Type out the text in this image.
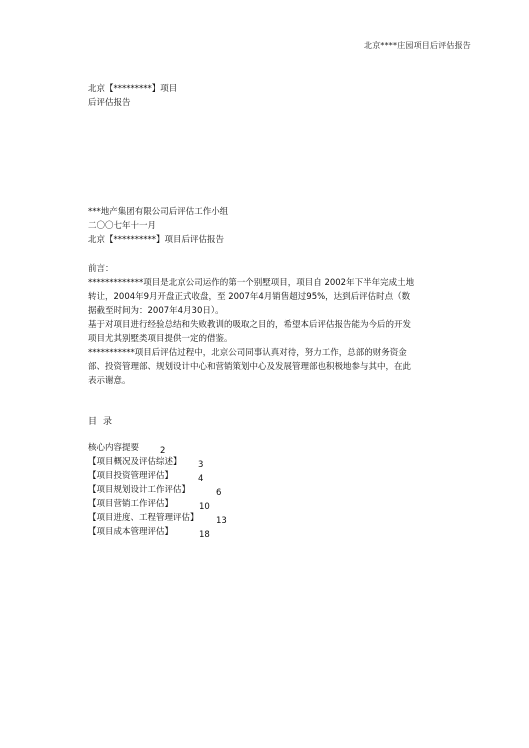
北京****庄园项目后评估报告
北京【*********】项目
后评估报告
***地产集团有限公司后评估工作小组
二〇〇七年十一月
北京【**********】项目后评估报告
前言：

*************项目是北京公司运作的第一个别墅项目，项目自 2002年下半年完成土地
转让，2004年9月开盘正式收盘，至 2007年4月销售超过95%，达到后评估时点（数
据截至时间为：2007年4月30日）。

基于对项目进行经验总结和失败教训的吸取之目的，希望本后评估报告能为今后的开发
项目尤其别墅类项目提供一定的借鉴。

***********项目后评估过程中，北京公司同事认真对待，努力工作，总部的财务资金
部、投资管理部、规划设计中心和营销策划中心及发展管理部也积极地参与其中，在此
表示谢意。

目录
核心内容提要 2
【项目概况及评估综述】 3
【项目投资管理评估】	4
【项目规划设计工作评估】	6
【项目营销工作评估】	10
【项目进度、工程管理评估】 13
【项目成本管理评估】	18
